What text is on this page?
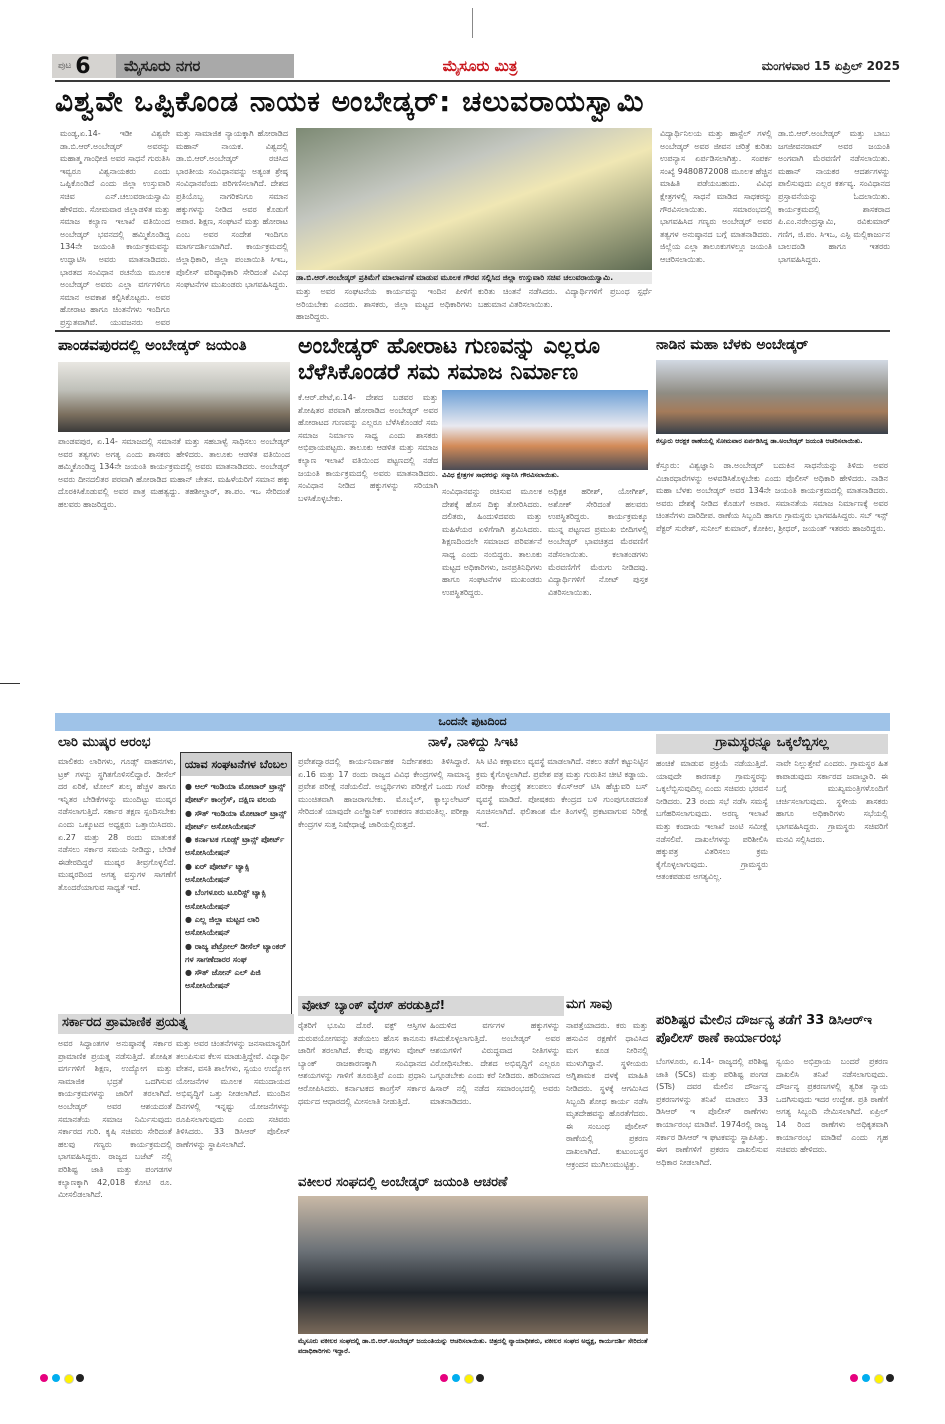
ಪುಟ 6	ಮೈಸೂರು ನಗರ	ಮೈಸೂರು ಮಿತ್ರ	ಮಂಗಳವಾರ 15 ಏಪ್ರಿಲ್ 2025
ವಿಶ್ವವೇ ಒಪ್ಪಿಕೊಂಡ ನಾಯಕ ಅಂಬೇಡ್ಕರ್: ಚಲುವರಾಯಸ್ವಾಮಿ

ಮಂಡ್ಯ,ಏ.14- ಇಡೀ ವಿಶ್ವವೇ ಡಾ.ಬಿ.ಆರ್.ಅಂಬೇಡ್ಕರ್ ಅವರನ್ನು ಮಹಾತ್ಮ ಗಾಂಧೀಜಿ ಅವರ ಸಾಧನೆ ಗುರುತಿಸಿ ಇವ್ವರೂ ವಿಶ್ವನಾಯಕರು ಎಂದು ಒಪ್ಪಿಕೊಂಡಿದೆ ಎಂದು ಜಿಲ್ಲಾ ಉಸ್ತುವಾರಿ ಸಚಿವ ಎನ್.ಚಲುವರಾಯಸ್ವಾಮಿ ಹೇಳಿದರು. ಸೋಮವಾರ ಜಿಲ್ಲಾಡಳಿತ ಮತ್ತು ಸಮಾಜ ಕಲ್ಯಾಣ ಇಲಾಖೆ ವತಿಯಿಂದ ಅಂಬೇಡ್ಕರ್ ಭವನದಲ್ಲಿ ಹಮ್ಮಿಕೊಂಡಿದ್ದ 134ನೇ ಜಯಂತಿ ಕಾರ್ಯಕ್ರಮವನ್ನು ಉದ್ಘಾಟಿಸಿ ಅವರು ಮಾತನಾಡಿದರು. ಭಾರತದ ಸಂವಿಧಾನ ರಚನೆಯ ಮೂಲಕ ಅಂಬೇಡ್ಕರ್ ಅವರು ಎಲ್ಲಾ ವರ್ಗಗಳಿಗೂ ಸಮಾನ ಅವಕಾಶ ಕಲ್ಪಿಸಿಕೊಟ್ಟರು. ಅವರ ಹೋರಾಟ ಹಾಗೂ ಚಿಂತನೆಗಳು ಇಂದಿಗೂ ಪ್ರಸ್ತುತವಾಗಿವೆ. ಯುವಜನರು ಅವರ

ಮತ್ತು ಸಾಮಾಜಿಕ ನ್ಯಾಯಕ್ಕಾಗಿ ಹೋರಾಡಿದ ಮಹಾನ್ ನಾಯಕ. ವಿಶ್ವದಲ್ಲಿ ಡಾ.ಬಿ.ಆರ್.ಅಂಬೇಡ್ಕರ್ ರಚಿಸಿದ ಭಾರತೀಯ ಸಂವಿಧಾನವನ್ನು ಅತ್ಯಂತ ಶ್ರೇಷ್ಠ ಸಂವಿಧಾನವೆಂದು ಪರಿಗಣಿಸಲಾಗಿದೆ. ದೇಶದ ಪ್ರತಿಯೊಬ್ಬ ನಾಗರಿಕನಿಗೂ ಸಮಾನ ಹಕ್ಕುಗಳನ್ನು ನೀಡಿದ ಅವರ ಕೊಡುಗೆ ಅಪಾರ. ಶಿಕ್ಷಣ, ಸಂಘಟನೆ ಮತ್ತು ಹೋರಾಟ ಎಂಬ ಅವರ ಸಂದೇಶ ಇಂದಿಗೂ ಮಾರ್ಗದರ್ಶಿಯಾಗಿದೆ. ಕಾರ್ಯಕ್ರಮದಲ್ಲಿ ಜಿಲ್ಲಾಧಿಕಾರಿ, ಜಿಲ್ಲಾ ಪಂಚಾಯಿತಿ ಸಿಇಒ, ಪೊಲೀಸ್ ವರಿಷ್ಠಾಧಿಕಾರಿ ಸೇರಿದಂತೆ ವಿವಿಧ ಸಂಘಟನೆಗಳ ಮುಖಂಡರು ಭಾಗವಹಿಸಿದ್ದರು.

ಡಾ.ಬಿ.ಆರ್.ಅಂಬೇಡ್ಕರ್ ಪ್ರತಿಮೆಗೆ ಮಾಲಾರ್ಪಣೆ ಮಾಡುವ ಮೂಲಕ ಗೌರವ ಸಲ್ಲಿಸಿದ ಜಿಲ್ಲಾ ಉಸ್ತುವಾರಿ ಸಚಿವ ಚಲುವರಾಯಸ್ವಾಮಿ.

ಮತ್ತು ಅವರ ಸಂಘಟನೆಯ ಕಾರ್ಯವನ್ನು ಇಂದಿನ ಪೀಳಿಗೆ ಅರಿಯಬೇಕು ಎಂದರು. ಶಾಸಕರು, ಜಿಲ್ಲಾ ಮಟ್ಟದ ಅಧಿಕಾರಿಗಳು ಹಾಜರಿದ್ದರು.

ಕುರಿತು ಚಿಂತನೆ ನಡೆಸಿದರು. ವಿದ್ಯಾರ್ಥಿಗಳಿಗೆ ಪ್ರಬಂಧ ಸ್ಪರ್ಧೆ ಬಹುಮಾನ ವಿತರಿಸಲಾಯಿತು.

ವಿದ್ಯಾರ್ಥಿನಿಲಯ ಮತ್ತು ಹಾಸ್ಟೆಲ್ ಗಳಲ್ಲಿ ಅಂಬೇಡ್ಕರ್ ಅವರ ಜೀವನ ಚರಿತ್ರೆ ಕುರಿತು ಉಪನ್ಯಾಸ ಏರ್ಪಡಿಸಲಾಗಿತ್ತು. ಸಂಪರ್ಕ ಸಂಖ್ಯೆ 9480872008 ಮೂಲಕ ಹೆಚ್ಚಿನ ಮಾಹಿತಿ ಪಡೆಯಬಹುದು. ವಿವಿಧ ಕ್ಷೇತ್ರಗಳಲ್ಲಿ ಸಾಧನೆ ಮಾಡಿದ ಸಾಧಕರನ್ನು ಗೌರವಿಸಲಾಯಿತು. ಸಮಾರಂಭದಲ್ಲಿ ಭಾಗವಹಿಸಿದ ಗಣ್ಯರು ಅಂಬೇಡ್ಕರ್ ಅವರ ತತ್ವಗಳ ಅನುಷ್ಠಾನದ ಬಗ್ಗೆ ಮಾತನಾಡಿದರು. ಜಿಲ್ಲೆಯ ಎಲ್ಲಾ ತಾಲೂಕುಗಳಲ್ಲೂ ಜಯಂತಿ ಆಚರಿಸಲಾಯಿತು.

ಡಾ.ಬಿ.ಆರ್.ಅಂಬೇಡ್ಕರ್ ಮತ್ತು ಬಾಬು ಜಗಜೀವನರಾಮ್ ಅವರ ಜಯಂತಿ ಅಂಗವಾಗಿ ಮೆರವಣಿಗೆ ನಡೆಸಲಾಯಿತು. ಮಹಾನ್ ನಾಯಕರ ಆದರ್ಶಗಳನ್ನು ಪಾಲಿಸುವುದು ಎಲ್ಲರ ಕರ್ತವ್ಯ. ಸಂವಿಧಾನದ ಪ್ರಸ್ತಾವನೆಯನ್ನು ಓದಲಾಯಿತು. ಕಾರ್ಯಕ್ರಮದಲ್ಲಿ ಶಾಸಕರಾದ ಪಿ.ಎಂ.ನರೇಂದ್ರಸ್ವಾಮಿ, ರವಿಕುಮಾರ್ ಗಣಿಗ, ಜಿ.ಪಂ. ಸಿಇಒ, ಎಸ್ಪಿ ಮಲ್ಲಿಕಾರ್ಜುನ ಬಾಲದಂಡಿ ಹಾಗೂ ಇತರರು ಭಾಗವಹಿಸಿದ್ದರು.

ಪಾಂಡವಪುರದಲ್ಲಿ ಅಂಬೇಡ್ಕರ್ ಜಯಂತಿ

ಪಾಂಡವಪುರ, ಏ.14- ಸಮಾಜದಲ್ಲಿ ಸಮಾನತೆ ಮತ್ತು ಸಹಬಾಳ್ವೆ ಸಾಧಿಸಲು ಅಂಬೇಡ್ಕರ್ ಅವರ ತತ್ವಗಳು ಅಗತ್ಯ ಎಂದು ಶಾಸಕರು ಹೇಳಿದರು. ತಾಲೂಕು ಆಡಳಿತ ವತಿಯಿಂದ ಹಮ್ಮಿಕೊಂಡಿದ್ದ 134ನೇ ಜಯಂತಿ ಕಾರ್ಯಕ್ರಮದಲ್ಲಿ ಅವರು ಮಾತನಾಡಿದರು. ಅಂಬೇಡ್ಕರ್ ಅವರು ದೀನದಲಿತರ ಪರವಾಗಿ ಹೋರಾಡಿದ ಮಹಾನ್ ಚೇತನ. ಮಹಿಳೆಯರಿಗೆ ಸಮಾನ ಹಕ್ಕು ದೊರಕಿಸಿಕೊಡುವಲ್ಲಿ ಅವರ ಪಾತ್ರ ಮಹತ್ವದ್ದು. ತಹಶೀಲ್ದಾರ್, ತಾ.ಪಂ. ಇಒ ಸೇರಿದಂತೆ ಹಲವರು ಹಾಜರಿದ್ದರು.

ಅಂಬೇಡ್ಕರ್ ಹೋರಾಟ ಗುಣವನ್ನು ಎಲ್ಲರೂ ಬೆಳೆಸಿಕೊಂಡರೆ ಸಮ ಸಮಾಜ ನಿರ್ಮಾಣ
ವಿವಿಧ ಕ್ಷೇತ್ರಗಳ ಸಾಧಕರನ್ನು ಸನ್ಮಾನಿಸಿ ಗೌರವಿಸಲಾಯಿತು.

ಕೆ.ಆರ್.ಪೇಟೆ,ಏ.14- ದೇಶದ ಬಡವರ ಮತ್ತು ಶೋಷಿತರ ಪರವಾಗಿ ಹೋರಾಡಿದ ಅಂಬೇಡ್ಕರ್ ಅವರ ಹೋರಾಟದ ಗುಣವನ್ನು ಎಲ್ಲರೂ ಬೆಳೆಸಿಕೊಂಡರೆ ಸಮ ಸಮಾಜ ನಿರ್ಮಾಣ ಸಾಧ್ಯ ಎಂದು ಶಾಸಕರು ಅಭಿಪ್ರಾಯಪಟ್ಟರು. ತಾಲೂಕು ಆಡಳಿತ ಮತ್ತು ಸಮಾಜ ಕಲ್ಯಾಣ ಇಲಾಖೆ ವತಿಯಿಂದ ಪಟ್ಟಣದಲ್ಲಿ ನಡೆದ ಜಯಂತಿ ಕಾರ್ಯಕ್ರಮದಲ್ಲಿ ಅವರು ಮಾತನಾಡಿದರು. ಸಂವಿಧಾನ ನೀಡಿದ ಹಕ್ಕುಗಳನ್ನು ಸರಿಯಾಗಿ ಬಳಸಿಕೊಳ್ಳಬೇಕು.

ಸಂವಿಧಾನವನ್ನು ರಚಿಸುವ ಮೂಲಕ ದೇಶಕ್ಕೆ ಹೊಸ ದಿಕ್ಕು ತೋರಿಸಿದರು. ದಲಿತರು, ಹಿಂದುಳಿದವರು ಮತ್ತು ಮಹಿಳೆಯರ ಏಳಿಗೆಗಾಗಿ ಶ್ರಮಿಸಿದರು. ಶಿಕ್ಷಣದಿಂದಲೇ ಸಮಾಜದ ಪರಿವರ್ತನೆ ಸಾಧ್ಯ ಎಂದು ನಂಬಿದ್ದರು. ತಾಲೂಕು ಮಟ್ಟದ ಅಧಿಕಾರಿಗಳು, ಜನಪ್ರತಿನಿಧಿಗಳು ಹಾಗೂ ಸಂಘಟನೆಗಳ ಮುಖಂಡರು ಉಪಸ್ಥಿತರಿದ್ದರು.

ಅಧಿಕ್ಷಕ ಹರೀಶ್, ಯೋಗೀಶ್, ಅಶೋಕ್ ಸೇರಿದಂತೆ ಹಲವರು ಉಪಸ್ಥಿತರಿದ್ದರು. ಕಾರ್ಯಕ್ರಮಕ್ಕೂ ಮುನ್ನ ಪಟ್ಟಣದ ಪ್ರಮುಖ ಬೀದಿಗಳಲ್ಲಿ ಅಂಬೇಡ್ಕರ್ ಭಾವಚಿತ್ರದ ಮೆರವಣಿಗೆ ನಡೆಸಲಾಯಿತು. ಕಲಾತಂಡಗಳು ಮೆರವಣಿಗೆಗೆ ಮೆರುಗು ನೀಡಿದವು. ವಿದ್ಯಾರ್ಥಿಗಳಿಗೆ ನೋಟ್ ಪುಸ್ತಕ ವಿತರಿಸಲಾಯಿತು.

ನಾಡಿನ ಮಹಾ ಬೆಳಕು ಅಂಬೇಡ್ಕರ್
ಕೆಸ್ತೂರು ಆರಕ್ಷಕ ಠಾಣೆಯಲ್ಲಿ ಸೋಮವಾರ ಏರ್ಪಡಿಸಿದ್ದ ಡಾ.ಅಂಬೇಡ್ಕರ್ ಜಯಂತಿ ಆಚರಿಸಲಾಯಿತು.

ಕೆಸ್ತೂರು: ವಿಶ್ವಜ್ಞಾನಿ ಡಾ.ಅಂಬೇಡ್ಕರ್ ಬದುಕಿನ ಸಾಧನೆಯನ್ನು ತಿಳಿದು ಅವರ ವಿಚಾರಧಾರೆಗಳನ್ನು ಅಳವಡಿಸಿಕೊಳ್ಳಬೇಕು ಎಂದು ಪೊಲೀಸ್ ಅಧಿಕಾರಿ ಹೇಳಿದರು. ನಾಡಿನ ಮಹಾ ಬೆಳಕು ಅಂಬೇಡ್ಕರ್ ಅವರ 134ನೇ ಜಯಂತಿ ಕಾರ್ಯಕ್ರಮದಲ್ಲಿ ಮಾತನಾಡಿದರು. ಅವರು ದೇಶಕ್ಕೆ ನೀಡಿದ ಕೊಡುಗೆ ಅಪಾರ. ಸಮಾನತೆಯ ಸಮಾಜ ನಿರ್ಮಾಣಕ್ಕೆ ಅವರ ಚಿಂತನೆಗಳು ದಾರಿದೀಪ. ಠಾಣೆಯ ಸಿಬ್ಬಂದಿ ಹಾಗೂ ಗ್ರಾಮಸ್ಥರು ಭಾಗವಹಿಸಿದ್ದರು. ಸಬ್ ಇನ್ಸ್ ಪೆಕ್ಟರ್ ಸುರೇಶ್, ಸುನೀಲ್ ಕುಮಾರ್, ಕೋಕಿಲ, ಶ್ರೀಧರ್, ಜಯಂತ್ ಇತರರು ಹಾಜರಿದ್ದರು.

ಒಂದನೇ ಪುಟದಿಂದ
ಲಾರಿ ಮುಷ್ಕರ ಆರಂಭ

ಮಾಲಿಕರು ಲಾರಿಗಳು, ಗೂಡ್ಸ್ ವಾಹನಗಳು, ಟ್ರಕ್ ಗಳನ್ನು ಸ್ಥಗಿತಗೊಳಿಸಲಿದ್ದಾರೆ. ಡೀಸೆಲ್ ದರ ಏರಿಕೆ, ಟೋಲ್ ಶುಲ್ಕ ಹೆಚ್ಚಳ ಹಾಗೂ ಇನ್ನಿತರ ಬೇಡಿಕೆಗಳನ್ನು ಮುಂದಿಟ್ಟು ಮುಷ್ಕರ ನಡೆಸಲಾಗುತ್ತಿದೆ. ಸರ್ಕಾರ ತಕ್ಷಣ ಸ್ಪಂದಿಸಬೇಕು ಎಂದು ಒಕ್ಕೂಟದ ಅಧ್ಯಕ್ಷರು ಒತ್ತಾಯಿಸಿದರು. ಏ.27 ಮತ್ತು 28 ರಂದು ಮಾತುಕತೆ ನಡೆಸಲು ಸರ್ಕಾರ ಸಮಯ ನೀಡಿದ್ದು, ಬೇಡಿಕೆ ಈಡೇರದಿದ್ದರೆ ಮುಷ್ಕರ ತೀವ್ರಗೊಳ್ಳಲಿದೆ. ಮುಷ್ಕರದಿಂದ ಅಗತ್ಯ ವಸ್ತುಗಳ ಸಾಗಣೆಗೆ ತೊಂದರೆಯಾಗುವ ಸಾಧ್ಯತೆ ಇದೆ.

ಯಾವ ಸಂಘಟನೆಗಳ ಬೆಂಬಲ
● ಆಲ್ ಇಂಡಿಯಾ ಮೋಟಾರ್ ಟ್ರಾನ್ಸ್ ಪೋರ್ಟ್ ಕಾಂಗ್ರೆಸ್, ದಕ್ಷಿಣ ವಲಯ
● ಸೌತ್ ಇಂಡಿಯಾ ಮೋಟಾರ್ ಟ್ರಾನ್ಸ್ ಪೋರ್ಟ್ ಅಸೋಸಿಯೇಷನ್
● ಕರ್ನಾಟಕ ಗೂಡ್ಸ್ ಟ್ರಾನ್ಸ್ ಪೋರ್ಟ್ ಅಸೋಸಿಯೇಷನ್
● ಏರ್ ಪೋರ್ಟ್ ಟ್ಯಾಕ್ಸಿ ಅಸೋಸಿಯೇಷನ್
● ಬೆಂಗಳೂರು ಟೂರಿಸ್ಟ್ ಟ್ಯಾಕ್ಸಿ ಅಸೋಸಿಯೇಷನ್
● ಎಲ್ಲ ಜಿಲ್ಲಾ ಮಟ್ಟದ ಲಾರಿ ಅಸೋಸಿಯೇಷನ್
● ರಾಜ್ಯ ಪೆಟ್ರೋಲ್ ಡೀಸೆಲ್ ಟ್ಯಾಂಕರ್ ಗಳ ಸಾಗಣೆದಾರರ ಸಂಘ
● ಸೌತ್ ಜೋನ್ ಎಲ್ ಪಿಜಿ ಅಸೋಸಿಯೇಷನ್
ಸರ್ಕಾರದ ಪ್ರಾಮಾಣಿಕ ಪ್ರಯತ್ನ

ಅವರ ಸಿದ್ಧಾಂತಗಳ ಅನುಷ್ಠಾನಕ್ಕೆ ಸರ್ಕಾರ ಪ್ರಾಮಾಣಿಕ ಪ್ರಯತ್ನ ನಡೆಸುತ್ತಿದೆ. ಶೋಷಿತ ವರ್ಗಗಳಿಗೆ ಶಿಕ್ಷಣ, ಉದ್ಯೋಗ ಮತ್ತು ಸಾಮಾಜಿಕ ಭದ್ರತೆ ಒದಗಿಸುವ ಕಾರ್ಯಕ್ರಮಗಳನ್ನು ಜಾರಿಗೆ ತರಲಾಗಿದೆ. ಅಂಬೇಡ್ಕರ್ ಅವರ ಆಶಯದಂತೆ ಸಮಾನತೆಯ ಸಮಾಜ ನಿರ್ಮಿಸುವುದು ಸರ್ಕಾರದ ಗುರಿ. ಕೃಷಿ ಸಚಿವರು ಸೇರಿದಂತೆ ಹಲವು ಗಣ್ಯರು ಕಾರ್ಯಕ್ರಮದಲ್ಲಿ ಭಾಗವಹಿಸಿದ್ದರು. ರಾಜ್ಯದ ಬಜೆಟ್ ನಲ್ಲಿ ಪರಿಶಿಷ್ಟ ಜಾತಿ ಮತ್ತು ಪಂಗಡಗಳ ಕಲ್ಯಾಣಕ್ಕಾಗಿ 42,018 ಕೋಟಿ ರೂ. ಮೀಸಲಿಡಲಾಗಿದೆ.

ಮತ್ತು ಅವರ ಚಿಂತನೆಗಳನ್ನು ಜನಸಾಮಾನ್ಯರಿಗೆ ತಲುಪಿಸುವ ಕೆಲಸ ಮಾಡುತ್ತಿದ್ದೇವೆ. ವಿದ್ಯಾರ್ಥಿ ವೇತನ, ವಸತಿ ಶಾಲೆಗಳು, ಸ್ವಯಂ ಉದ್ಯೋಗ ಯೋಜನೆಗಳ ಮೂಲಕ ಸಮುದಾಯದ ಅಭಿವೃದ್ಧಿಗೆ ಒತ್ತು ನೀಡಲಾಗಿದೆ. ಮುಂದಿನ ದಿನಗಳಲ್ಲಿ ಇನ್ನಷ್ಟು ಯೋಜನೆಗಳನ್ನು ರೂಪಿಸಲಾಗುವುದು ಎಂದು ಸಚಿವರು ತಿಳಿಸಿದರು. 33 ಡಿಸಿಆರ್ ಪೊಲೀಸ್ ಠಾಣೆಗಳನ್ನು ಸ್ಥಾಪಿಸಲಾಗಿದೆ.

ನಾಳೆ, ನಾಳಿದ್ದು ಸಿಇಟಿ

ಪ್ರವೇಶದ್ವಾರದಲ್ಲಿ ಕಾರ್ಯನಿರ್ವಾಹಕ ನಿರ್ದೇಶಕರು ತಿಳಿಸಿದ್ದಾರೆ. ಏ.16 ಮತ್ತು 17 ರಂದು ರಾಜ್ಯದ ವಿವಿಧ ಕೇಂದ್ರಗಳಲ್ಲಿ ಸಾಮಾನ್ಯ ಪ್ರವೇಶ ಪರೀಕ್ಷೆ ನಡೆಯಲಿದೆ. ಅಭ್ಯರ್ಥಿಗಳು ಪರೀಕ್ಷೆಗೆ ಒಂದು ಗಂಟೆ ಮುಂಚಿತವಾಗಿ ಹಾಜರಾಗಬೇಕು. ಮೊಬೈಲ್, ಕ್ಯಾಲ್ಕುಲೇಟರ್ ಸೇರಿದಂತೆ ಯಾವುದೇ ಎಲೆಕ್ಟ್ರಾನಿಕ್ ಉಪಕರಣ ತರುವಂತಿಲ್ಲ. ಪರೀಕ್ಷಾ ಕೇಂದ್ರಗಳ ಸುತ್ತ ನಿಷೇಧಾಜ್ಞೆ ಜಾರಿಯಲ್ಲಿರುತ್ತದೆ.

ಸಿಸಿ ಟಿವಿ ಕಣ್ಗಾವಲು ವ್ಯವಸ್ಥೆ ಮಾಡಲಾಗಿದೆ. ನಕಲು ತಡೆಗೆ ಕಟ್ಟುನಿಟ್ಟಿನ ಕ್ರಮ ಕೈಗೊಳ್ಳಲಾಗಿದೆ. ಪ್ರವೇಶ ಪತ್ರ ಮತ್ತು ಗುರುತಿನ ಚೀಟಿ ಕಡ್ಡಾಯ. ಪರೀಕ್ಷಾ ಕೇಂದ್ರಕ್ಕೆ ತಲುಪಲು ಕೆಎಸ್ಆರ್ ಟಿಸಿ ಹೆಚ್ಚುವರಿ ಬಸ್ ವ್ಯವಸ್ಥೆ ಮಾಡಿದೆ. ಪೋಷಕರು ಕೇಂದ್ರದ ಬಳಿ ಗುಂಪುಗೂಡದಂತೆ ಸೂಚಿಸಲಾಗಿದೆ. ಫಲಿತಾಂಶ ಮೇ ತಿಂಗಳಲ್ಲಿ ಪ್ರಕಟವಾಗುವ ನಿರೀಕ್ಷೆ ಇದೆ.

ವೋಟ್ ಬ್ಯಾಂಕ್ ವೈರಸ್ ಹರಡುತ್ತಿದೆ!

ರೈತರಿಗೆ ಭೂಮಿ ದೊರೆ. ವಕ್ಫ್ ಆಸ್ತಿಗಳ ದುರುಪಯೋಗವನ್ನು ತಡೆಯಲು ಹೊಸ ಕಾನೂನು ಜಾರಿಗೆ ತರಲಾಗಿದೆ. ಕೆಲವು ಪಕ್ಷಗಳು ವೋಟ್ ಬ್ಯಾಂಕ್ ರಾಜಕಾರಣಕ್ಕಾಗಿ ಸಂವಿಧಾನದ ಆಶಯಗಳನ್ನು ಗಾಳಿಗೆ ತೂರುತ್ತಿವೆ ಎಂದು ಪ್ರಧಾನಿ ಆರೋಪಿಸಿದರು. ಕರ್ನಾಟಕದ ಕಾಂಗ್ರೆಸ್ ಸರ್ಕಾರ ಧರ್ಮದ ಆಧಾರದಲ್ಲಿ ಮೀಸಲಾತಿ ನೀಡುತ್ತಿದೆ.

ಹಿಂದುಳಿದ ವರ್ಗಗಳ ಹಕ್ಕುಗಳನ್ನು ಕಸಿದುಕೊಳ್ಳಲಾಗುತ್ತಿದೆ. ಅಂಬೇಡ್ಕರ್ ಅವರ ಆಶಯಗಳಿಗೆ ವಿರುದ್ಧವಾದ ನೀತಿಗಳನ್ನು ವಿರೋಧಿಸಬೇಕು. ದೇಶದ ಅಭಿವೃದ್ಧಿಗೆ ಎಲ್ಲರೂ ಒಗ್ಗೂಡಬೇಕು ಎಂದು ಕರೆ ನೀಡಿದರು. ಹರಿಯಾಣದ ಹಿಸಾರ್ ನಲ್ಲಿ ನಡೆದ ಸಮಾರಂಭದಲ್ಲಿ ಅವರು ಮಾತನಾಡಿದರು.

ಮಗ ಸಾವು

ನಾಪತ್ತೆಯಾದರು. ಕರು ಮತ್ತು ಹಸುವಿನ ರಕ್ಷಣೆಗೆ ಧಾವಿಸಿದ ಮಗ ಕೂಡ ನೀರಿನಲ್ಲಿ ಮುಳುಗಿದ್ದಾನೆ. ಸ್ಥಳೀಯರು ಅಗ್ನಿಶಾಮಕ ದಳಕ್ಕೆ ಮಾಹಿತಿ ನೀಡಿದರು. ಸ್ಥಳಕ್ಕೆ ಆಗಮಿಸಿದ ಸಿಬ್ಬಂದಿ ಶೋಧ ಕಾರ್ಯ ನಡೆಸಿ ಮೃತದೇಹವನ್ನು ಹೊರತೆಗೆದರು. ಈ ಸಂಬಂಧ ಪೊಲೀಸ್ ಠಾಣೆಯಲ್ಲಿ ಪ್ರಕರಣ ದಾಖಲಾಗಿದೆ. ಕುಟುಂಬಸ್ಥರ ಆಕ್ರಂದನ ಮುಗಿಲುಮುಟ್ಟಿತ್ತು.

ವಕೀಲರ ಸಂಘದಲ್ಲಿ ಅಂಬೇಡ್ಕರ್ ಜಯಂತಿ ಆಚರಣೆ
ಮೈಸೂರು ವಕೀಲರ ಸಂಘದಲ್ಲಿ ಡಾ.ಬಿ.ಆರ್.ಅಂಬೇಡ್ಕರ್ ಜಯಂತಿಯನ್ನು ಆಚರಿಸಲಾಯಿತು. ಚಿತ್ರದಲ್ಲಿ ನ್ಯಾಯಾಧೀಶರು, ವಕೀಲರ ಸಂಘದ ಅಧ್ಯಕ್ಷ, ಕಾರ್ಯದರ್ಶಿ ಸೇರಿದಂತೆ ಪದಾಧಿಕಾರಿಗಳು ಇದ್ದಾರೆ.
ಗ್ರಾಮಸ್ಥರನ್ನೂ ಒಕ್ಕಲೆಬ್ಬಿಸಲ್ಲ

ಹಂಚಿಕೆ ಮಾಡುವ ಪ್ರಕ್ರಿಯೆ ನಡೆಯುತ್ತಿದೆ. ಯಾವುದೇ ಕಾರಣಕ್ಕೂ ಗ್ರಾಮಸ್ಥರನ್ನು ಒಕ್ಕಲೆಬ್ಬಿಸುವುದಿಲ್ಲ ಎಂದು ಸಚಿವರು ಭರವಸೆ ನೀಡಿದರು. 23 ರಂದು ಸಭೆ ನಡೆಸಿ ಸಮಸ್ಯೆ ಬಗೆಹರಿಸಲಾಗುವುದು. ಅರಣ್ಯ ಇಲಾಖೆ ಮತ್ತು ಕಂದಾಯ ಇಲಾಖೆ ಜಂಟಿ ಸಮೀಕ್ಷೆ ನಡೆಸಲಿವೆ. ದಾಖಲೆಗಳನ್ನು ಪರಿಶೀಲಿಸಿ ಹಕ್ಕುಪತ್ರ ವಿತರಿಸಲು ಕ್ರಮ ಕೈಗೊಳ್ಳಲಾಗುವುದು. ಗ್ರಾಮಸ್ಥರು ಆತಂಕಪಡುವ ಅಗತ್ಯವಿಲ್ಲ.

ನಾವೇ ನಿಲ್ಲುತ್ತೇವೆ ಎಂದರು. ಗ್ರಾಮಸ್ಥರ ಹಿತ ಕಾಪಾಡುವುದು ಸರ್ಕಾರದ ಜವಾಬ್ದಾರಿ. ಈ ಬಗ್ಗೆ ಮುಖ್ಯಮಂತ್ರಿಗಳೊಂದಿಗೆ ಚರ್ಚಿಸಲಾಗುವುದು. ಸ್ಥಳೀಯ ಶಾಸಕರು ಹಾಗೂ ಅಧಿಕಾರಿಗಳು ಸಭೆಯಲ್ಲಿ ಭಾಗವಹಿಸಿದ್ದರು. ಗ್ರಾಮಸ್ಥರು ಸಚಿವರಿಗೆ ಮನವಿ ಸಲ್ಲಿಸಿದರು.

ಪರಿಶಿಷ್ಟರ ಮೇಲಿನ ದೌರ್ಜನ್ಯ ತಡೆಗೆ 33 ಡಿಸಿಆರ್‌ಇ ಪೊಲೀಸ್ ಠಾಣೆ ಕಾರ್ಯಾರಂಭ

ಬೆಂಗಳೂರು, ಏ.14- ರಾಜ್ಯದಲ್ಲಿ ಪರಿಶಿಷ್ಟ ಜಾತಿ (SCs) ಮತ್ತು ಪರಿಶಿಷ್ಟ ಪಂಗಡ (STs) ದವರ ಮೇಲಿನ ದೌರ್ಜನ್ಯ ಪ್ರಕರಣಗಳನ್ನು ತನಿಖೆ ಮಾಡಲು 33 ಡಿಸಿಆರ್ ಇ ಪೊಲೀಸ್ ಠಾಣೆಗಳು ಕಾರ್ಯಾರಂಭ ಮಾಡಿವೆ. 1974ರಲ್ಲಿ ರಾಜ್ಯ ಸರ್ಕಾರ ಡಿಸಿಆರ್ ಇ ಘಟಕವನ್ನು ಸ್ಥಾಪಿಸಿತ್ತು. ಈಗ ಠಾಣೆಗಳಿಗೆ ಪ್ರಕರಣ ದಾಖಲಿಸುವ ಅಧಿಕಾರ ನೀಡಲಾಗಿದೆ.

ಸ್ವಯಂ ಅಭಿಪ್ರಾಯ ಬಂದರೆ ಪ್ರಕರಣ ದಾಖಲಿಸಿ ತನಿಖೆ ನಡೆಸಲಾಗುವುದು. ದೌರ್ಜನ್ಯ ಪ್ರಕರಣಗಳಲ್ಲಿ ತ್ವರಿತ ನ್ಯಾಯ ಒದಗಿಸುವುದು ಇದರ ಉದ್ದೇಶ. ಪ್ರತಿ ಠಾಣೆಗೆ ಅಗತ್ಯ ಸಿಬ್ಬಂದಿ ನೇಮಿಸಲಾಗಿದೆ. ಏಪ್ರಿಲ್ 14 ರಿಂದ ಠಾಣೆಗಳು ಅಧಿಕೃತವಾಗಿ ಕಾರ್ಯಾರಂಭ ಮಾಡಿವೆ ಎಂದು ಗೃಹ ಸಚಿವರು ಹೇಳಿದರು.
